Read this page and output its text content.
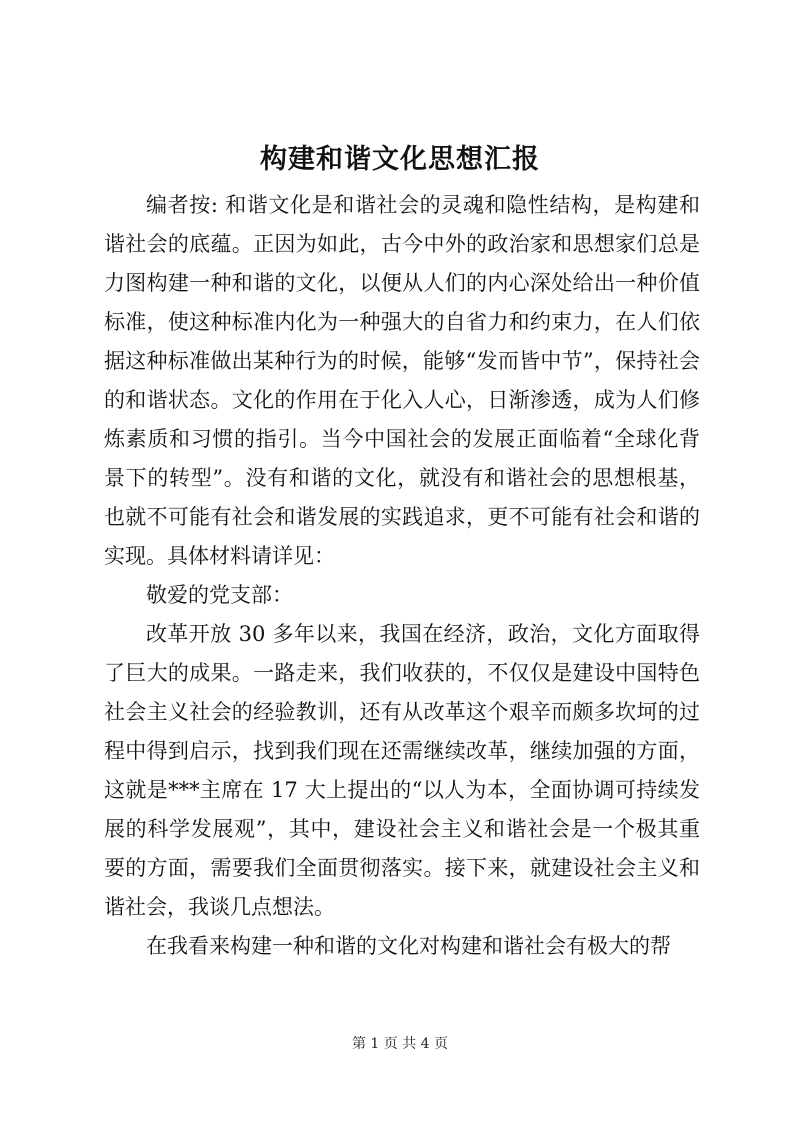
构建和谐文化思想汇报

编者按: 和谐文化是和谐社会的灵魂和隐性结构，是构建和谐社会的底蕴。正因为如此，古今中外的政治家和思想家们总是力图构建一种和谐的文化，以便从人们的内心深处给出一种价值标准，使这种标准内化为一种强大的自省力和约束力，在人们依据这种标准做出某种行为的时候，能够“发而皆中节”，保持社会的和谐状态。文化的作用在于化入人心，日渐渗透，成为人们修炼素质和习惯的指引。当今中国社会的发展正面临着“全球化背景下的转型”。没有和谐的文化，就没有和谐社会的思想根基，也就不可能有社会和谐发展的实践追求，更不可能有社会和谐的实现。具体材料请详见：

敬爱的党支部：

改革开放 30 多年以来，我国在经济，政治，文化方面取得了巨大的成果。一路走来，我们收获的，不仅仅是建设中国特色社会主义社会的经验教训，还有从改革这个艰辛而颇多坎坷的过程中得到启示，找到我们现在还需继续改革，继续加强的方面，这就是***主席在 17 大上提出的“以人为本，全面协调可持续发展的科学发展观”，其中，建设社会主义和谐社会是一个极其重要的方面，需要我们全面贯彻落实。接下来，就建设社会主义和谐社会，我谈几点想法。

在我看来构建一种和谐的文化对构建和谐社会有极大的帮

第 1 页 共 4 页
